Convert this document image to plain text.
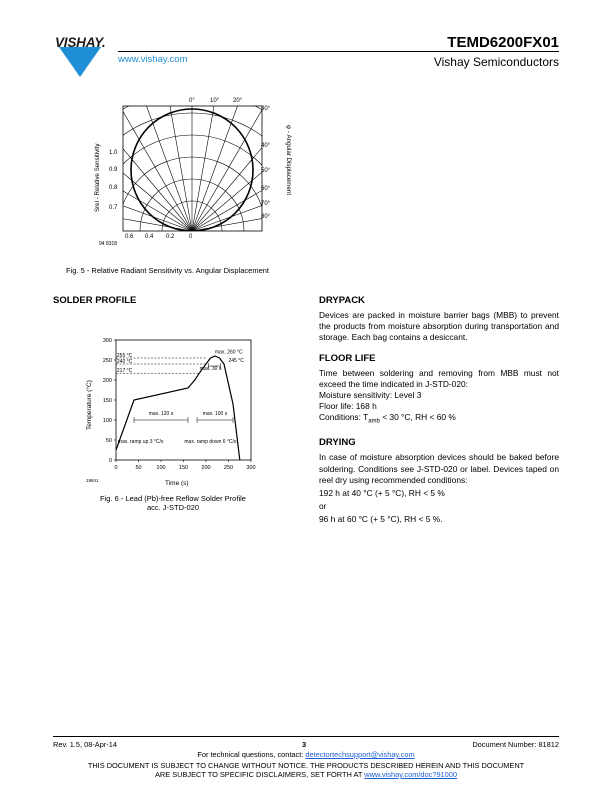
VISHAY.
www.vishay.com
TEMD6200FX01
Vishay Semiconductors
0°	10° 20°
30°
40°
50°
60°
70°
80°
1.0
0.9
0.8
0.7
0.6 0.4 0.2 0
94 8318
Srel - Relative Sensitivity	φ - Angular Displacement
Fig. 5 - Relative Radiant Sensitivity vs. Angular Displacement
SOLDER PROFILE
0
50
100
150
200
250
300
0	50	100 150 200 250 300
255 °C
240 °C
217 °C
245 °C
max. 260 °C
max. 30 s
max. 120 s	max. 100 s
max. ramp up 3 °C/s	max. ramp down 6 °C/s
Temperature (°C)
Time (s)
19841
Fig. 6 - Lead (Pb)-free Reflow Solder Profile
acc. J-STD-020
DRYPACK
Devices are packed in moisture barrier bags (MBB) to prevent the products from moisture absorption during transportation and storage. Each bag contains a desiccant.
FLOOR LIFE
Time between soldering and removing from MBB must not exceed the time indicated in J-STD-020:
Moisture sensitivity: Level 3
Floor life: 168 h
Conditions: $T_{amb} < 30$ °C, RH < 60 %
DRYING
In case of moisture absorption devices should be baked before soldering. Conditions see J-STD-020 or label. Devices taped on reel dry using recommended conditions:
192 h at 40 °C (+ 5 °C), RH < 5 %
or
96 h at 60 °C (+ 5 °C), RH < 5 %.
Rev. 1.5, 08-Apr-14	3	Document Number: 81812
For technical questions, contact: detectortechsupport@vishay.com
THIS DOCUMENT IS SUBJECT TO CHANGE WITHOUT NOTICE. THE PRODUCTS DESCRIBED HEREIN AND THIS DOCUMENT
ARE SUBJECT TO SPECIFIC DISCLAIMERS, SET FORTH AT www.vishay.com/doc?91000
